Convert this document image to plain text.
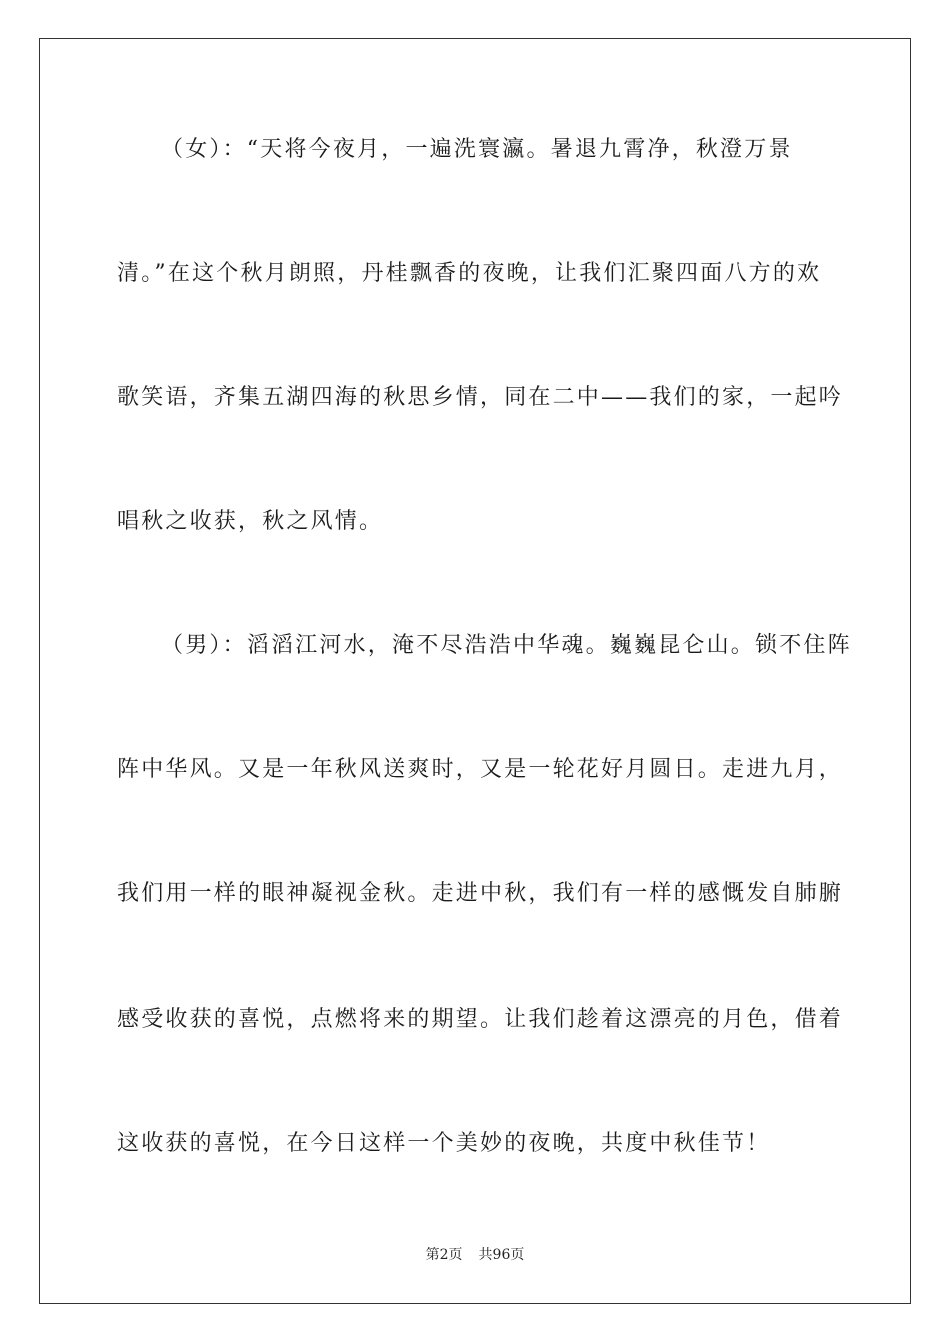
（女）：“天将今夜月，一遍洗寰瀛。暑退九霄净，秋澄万景
清。”在这个秋月朗照，丹桂飘香的夜晚，让我们汇聚四面八方的欢
歌笑语，齐集五湖四海的秋思乡情，同在二中——我们的家，一起吟
唱秋之收获，秋之风情。
（男）：滔滔江河水，淹不尽浩浩中华魂。巍巍昆仑山。锁不住阵
阵中华风。又是一年秋风送爽时，又是一轮花好月圆日。走进九月，
我们用一样的眼神凝视金秋。走进中秋，我们有一样的感慨发自肺腑
感受收获的喜悦，点燃将来的期望。让我们趁着这漂亮的月色，借着
这收获的喜悦，在今日这样一个美妙的夜晚，共度中秋佳节！
第2页 共96页
